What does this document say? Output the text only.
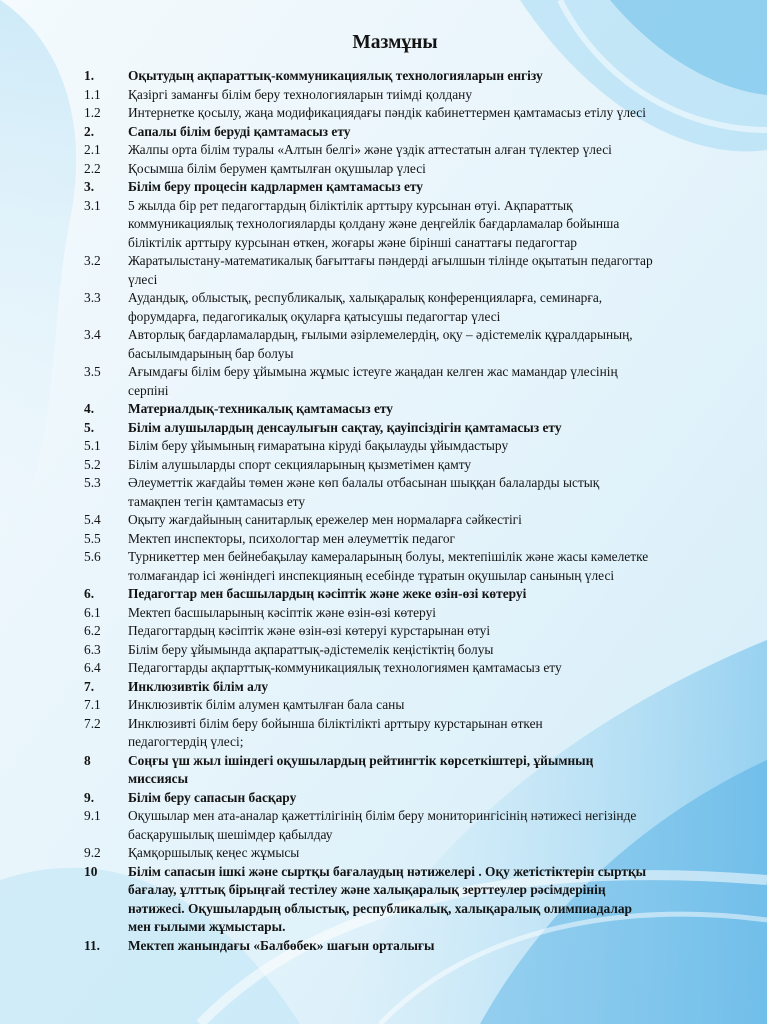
Мазмұны
1.	Оқытудың ақпараттық-коммуникациялық технологияларын енгізу
1.1	Қазіргі заманғы білім беру технологияларын тиімді қолдану
1.2	Интернетке қосылу, жаңа модификациядағы пәндік кабинеттермен қамтамасыз етілу үлесі
2.	Сапалы білім беруді қамтамасыз ету
2.1	Жалпы орта білім туралы «Алтын белгі» және үздік аттестатын алған түлектер үлесі
2.2	Қосымша білім берумен қамтылған оқушылар үлесі
3.	Білім беру процесін кадрлармен қамтамасыз ету
3.1	5 жылда бір рет педагогтардың біліктілік арттыру курсынан өтуі. Ақпараттық
коммуникациялық технологияларды қолдану және деңгейлік бағдарламалар бойынша
біліктілік арттыру курсынан өткен, жоғары және бірінші санаттағы педагогтар
3.2	Жаратылыстану-математикалық бағыттағы пәндерді ағылшын тілінде оқытатын педагогтар
үлесі
3.3	Аудандық, облыстық, республикалық, халықаралық конференцияларға, семинарға,
форумдарға, педагогикалық оқуларға қатысушы педагогтар үлесі
3.4	Авторлық бағдарламалардың, ғылыми әзірлемелердің, оқу – әдістемелік құралдарының,
басылымдарының бар болуы
3.5	Ағымдағы білім беру ұйымына жұмыс істеуге жаңадан келген жас мамандар үлесінің
серпіні
4.	Материалдық-техникалық қамтамасыз ету
5.	Білім алушылардың денсаулығын сақтау, қауіпсіздігін қамтамасыз ету
5.1	Білім беру ұйымының ғимаратына кіруді бақылауды ұйымдастыру
5.2	Білім алушыларды спорт секцияларының қызметімен қамту
5.3	Әлеуметтік жағдайы төмен және көп балалы отбасынан шыққан балаларды ыстық
тамақпен тегін қамтамасыз ету
5.4	Оқыту жағдайының санитарлық ережелер мен нормаларға сәйкестігі
5.5	Мектеп инспекторы, психологтар мен әлеуметтік педагог
5.6	Турникеттер мен бейнебақылау камераларының болуы, мектепішілік және жасы кәмелетке
толмағандар ісі жөніндегі инспекцияның есебінде тұратын оқушылар санының үлесі
6.	Педагогтар мен басшылардың кәсіптік және жеке өзін-өзі көтеруі
6.1	Мектеп басшыларының кәсіптік және өзін-өзі көтеруі
6.2	Педагогтардың кәсіптік және өзін-өзі көтеруі курстарынан өтуі
6.3	Білім беру ұйымында ақпараттық-әдістемелік кеңістіктің болуы
6.4	Педагогтарды ақпарттық-коммуникациялық технологиямен қамтамасыз ету
7.	Инклюзивтік білім алу
7.1	Инклюзивтік білім алумен қамтылған бала саны
7.2	Инклюзивті білім беру бойынша біліктілікті арттыру курстарынан өткен
педагогтердің үлесі;
8	Соңғы үш жыл ішіндегі оқушылардың рейтингтік көрсеткіштері, ұйымның
миссиясы
9.	Білім беру сапасын басқару
9.1	Оқушылар мен ата-аналар қажеттілігінің білім беру мониторингісінің нәтижесі негізінде
басқарушылық шешімдер қабылдау
9.2	Қамқоршылық кеңес жұмысы
10	Білім сапасын ішкі және сыртқы бағалаудың нәтижелері . Оқу жетістіктерін сыртқы
бағалау, ұлттық бірыңғай тестілеу және халықаралық зерттеулер рәсімдерінің
нәтижесі. Оқушылардың облыстық, республикалық, халықаралық олимпиадалар
мен ғылыми жұмыстары.
11.	Мектеп жанындағы «Балбөбек» шағын орталығы
